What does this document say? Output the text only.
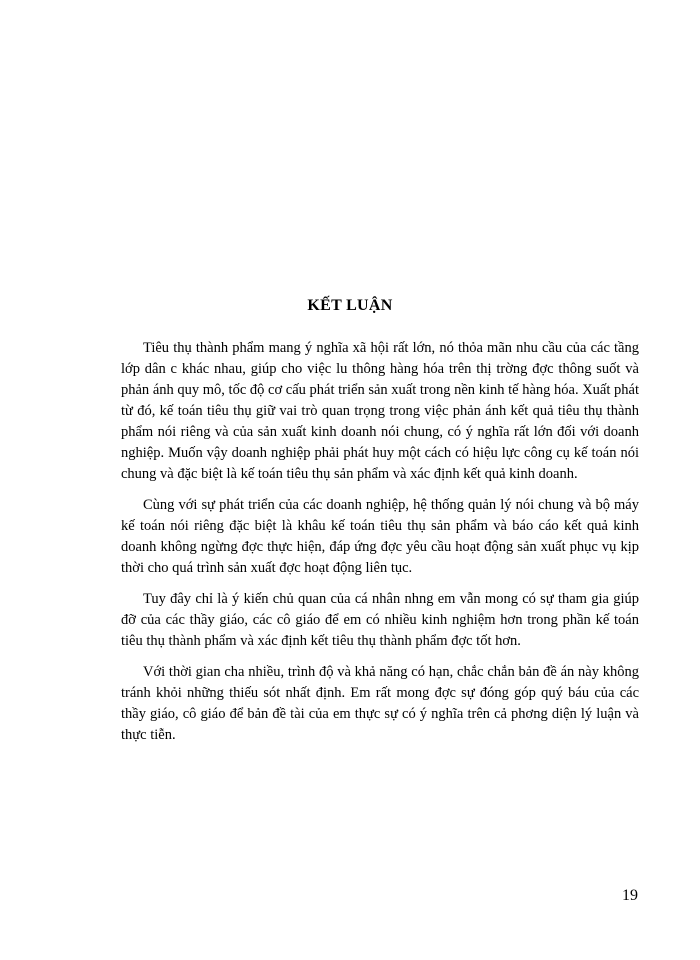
KẾT LUẬN

Tiêu thụ thành phẩm mang ý nghĩa xã hội rất lớn, nó thỏa mãn nhu cầu của các tầng lớp dân c khác nhau, giúp cho việc lu thông hàng hóa trên thị trờng đợc thông suốt và phản ánh quy mô, tốc độ cơ cấu phát triển sản xuất trong nền kinh tế hàng hóa. Xuất phát từ đó, kế toán tiêu thụ giữ vai trò quan trọng trong việc phản ánh kết quả tiêu thụ thành phẩm nói riêng và của sản xuất kinh doanh nói chung, có ý nghĩa rất lớn đối với doanh nghiệp. Muốn vậy doanh nghiệp phải phát huy một cách có hiệu lực công cụ kế toán nói chung và đặc biệt là kế toán tiêu thụ sản phẩm và xác định kết quả kinh doanh.

Cùng với sự phát triển của các doanh nghiệp, hệ thống quản lý nói chung và bộ máy kế toán nói riêng đặc biệt là khâu kế toán tiêu thụ sản phẩm và báo cáo kết quả kinh doanh không ngừng đợc thực hiện, đáp ứng đợc yêu cầu hoạt động sản xuất phục vụ kịp thời cho quá trình sản xuất đợc hoạt động liên tục.

Tuy đây chỉ là ý kiến chủ quan của cá nhân nhng em vẫn mong có sự tham gia giúp đỡ của các thầy giáo, các cô giáo để em có nhiều kinh nghiệm hơn trong phần kế toán tiêu thụ thành phẩm và xác định kết tiêu thụ thành phẩm đợc tốt hơn.

Với thời gian cha nhiều, trình độ và khả năng có hạn, chắc chắn bản đề án này không tránh khỏi những thiếu sót nhất định. Em rất mong đợc sự đóng góp quý báu của các thầy giáo, cô giáo để bản đề tài của em thực sự có ý nghĩa trên cả phơng diện lý luận và thực tiễn.

19
